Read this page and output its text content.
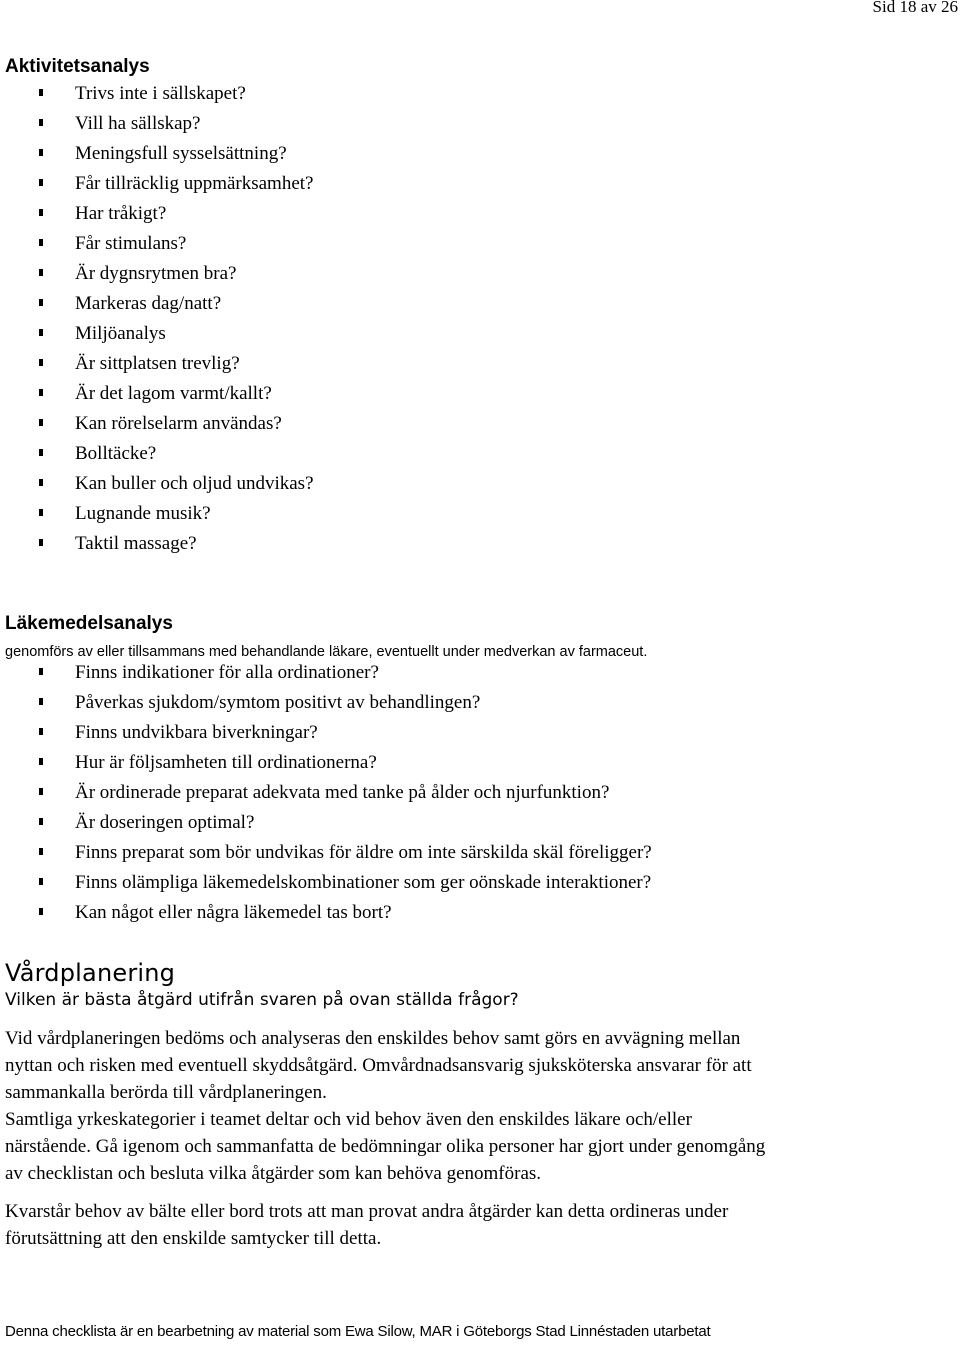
Sid 18 av 26
Aktivitetsanalys
Trivs inte i sällskapet?
Vill ha sällskap?
Meningsfull sysselsättning?
Får tillräcklig uppmärksamhet?
Har tråkigt?
Får stimulans?
Är dygnsrytmen bra?
Markeras dag/natt?
Miljöanalys
Är sittplatsen trevlig?
Är det lagom varmt/kallt?
Kan rörelselarm användas?
Bolltäcke?
Kan buller och oljud undvikas?
Lugnande musik?
Taktil massage?
Läkemedelsanalys

genomförs av eller tillsammans med behandlande läkare, eventuellt under medverkan av farmaceut.

Finns indikationer för alla ordinationer?
Påverkas sjukdom/symtom positivt av behandlingen?
Finns undvikbara biverkningar?
Hur är följsamheten till ordinationerna?
Är ordinerade preparat adekvata med tanke på ålder och njurfunktion?
Är doseringen optimal?
Finns preparat som bör undvikas för äldre om inte särskilda skäl föreligger?
Finns olämpliga läkemedelskombinationer som ger oönskade interaktioner?
Kan något eller några läkemedel tas bort?
Vårdplanering

Vilken är bästa åtgärd utifrån svaren på ovan ställda frågor?

Vid vårdplaneringen bedöms och analyseras den enskildes behov samt görs en avvägning mellan
nyttan och risken med eventuell skyddsåtgärd. Omvårdnadsansvarig sjuksköterska ansvarar för att
sammankalla berörda till vårdplaneringen.
Samtliga yrkeskategorier i teamet deltar och vid behov även den enskildes läkare och/eller
närstående. Gå igenom och sammanfatta de bedömningar olika personer har gjort under genomgång
av checklistan och besluta vilka åtgärder som kan behöva genomföras.
Kvarstår behov av bälte eller bord trots att man provat andra åtgärder kan detta ordineras under
förutsättning att den enskilde samtycker till detta.
Denna checklista är en bearbetning av material som Ewa Silow, MAR i Göteborgs Stad Linnéstaden utarbetat
